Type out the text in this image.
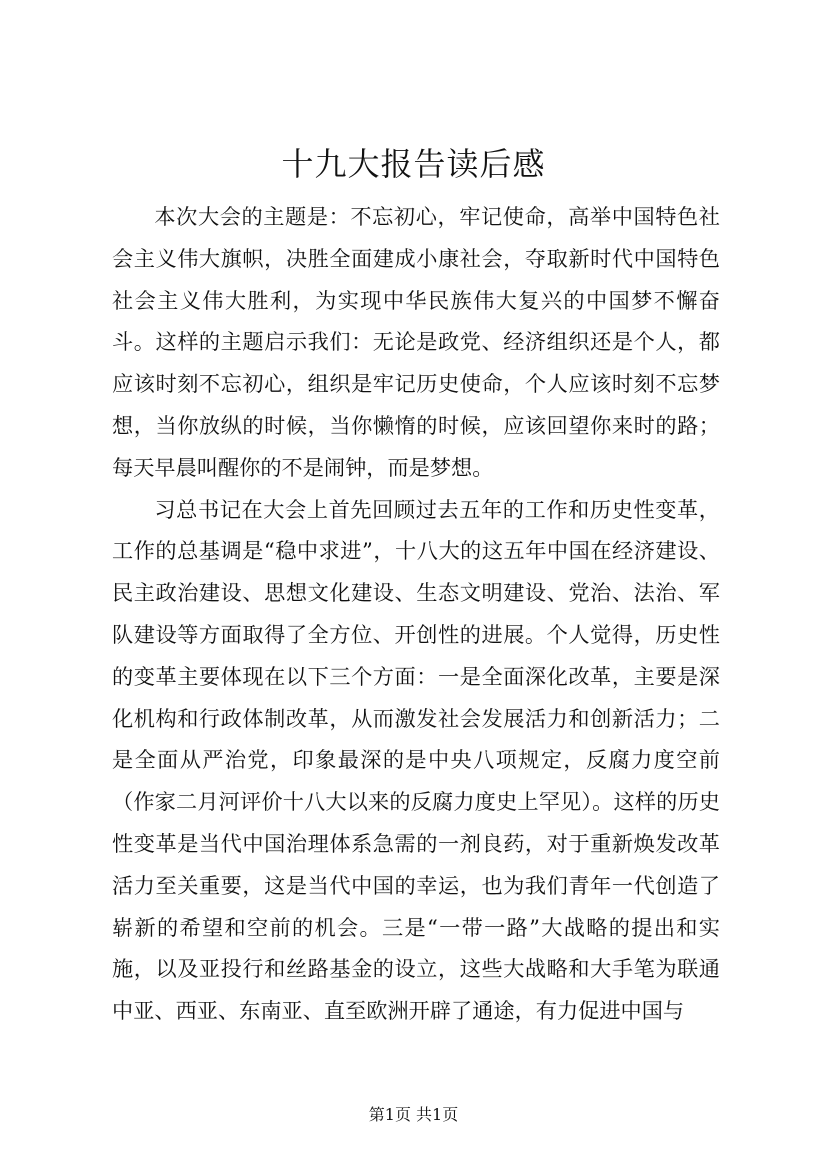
十九大报告读后感

本次大会的主题是：不忘初心，牢记使命，高举中国特色社会主义伟大旗帜，决胜全面建成小康社会，夺取新时代中国特色社会主义伟大胜利，为实现中华民族伟大复兴的中国梦不懈奋斗。这样的主题启示我们：无论是政党、经济组织还是个人，都应该时刻不忘初心，组织是牢记历史使命，个人应该时刻不忘梦想，当你放纵的时候，当你懒惰的时候，应该回望你来时的路；每天早晨叫醒你的不是闹钟，而是梦想。

习总书记在大会上首先回顾过去五年的工作和历史性变革，工作的总基调是“稳中求进”，十八大的这五年中国在经济建设、民主政治建设、思想文化建设、生态文明建设、党治、法治、军队建设等方面取得了全方位、开创性的进展。个人觉得，历史性的变革主要体现在以下三个方面：一是全面深化改革，主要是深化机构和行政体制改革，从而激发社会发展活力和创新活力；二是全面从严治党，印象最深的是中央八项规定，反腐力度空前（作家二月河评价十八大以来的反腐力度史上罕见）。这样的历史性变革是当代中国治理体系急需的一剂良药，对于重新焕发改革活力至关重要，这是当代中国的幸运，也为我们青年一代创造了崭新的希望和空前的机会。三是“一带一路”大战略的提出和实施，以及亚投行和丝路基金的设立，这些大战略和大手笔为联通中亚、西亚、东南亚、直至欧洲开辟了通途，有力促进中国与

第1页 共1页
